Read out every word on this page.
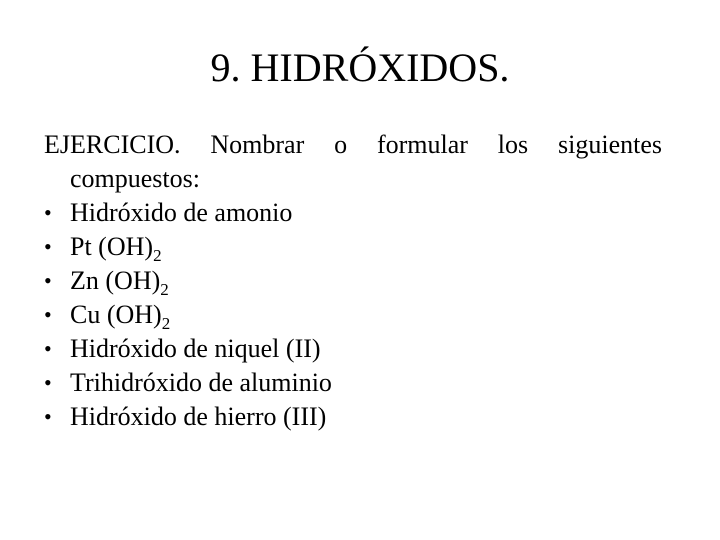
9. HIDRÓXIDOS.

EJERCICIO. Nombrar o formular los siguientes

compuestos:

• Hidróxido de amonio
• Pt $(OH)_2$
• Zn $(OH)_2$
• Cu $(OH)_2$
• Hidróxido de niquel (II)
• Trihidróxido de aluminio
• Hidróxido de hierro (III)
